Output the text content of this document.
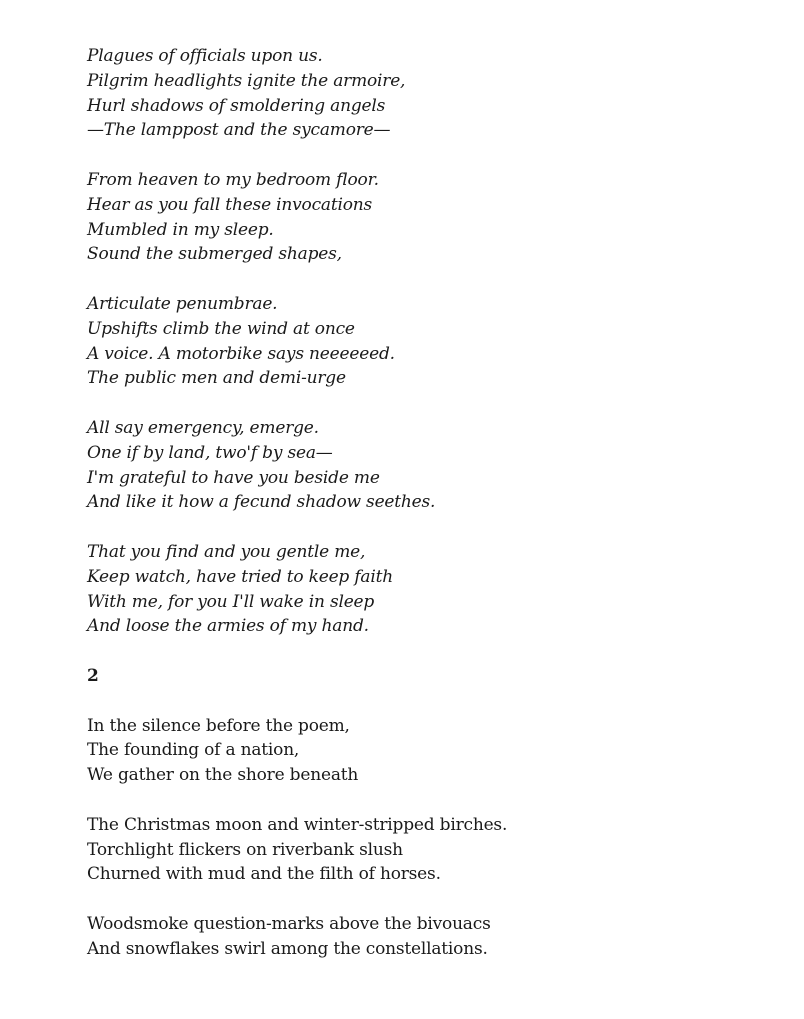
Plagues of officials upon us.
Pilgrim headlights ignite the armoire,
Hurl shadows of smoldering angels
—The lamppost and the sycamore—
From heaven to my bedroom floor.
Hear as you fall these invocations
Mumbled in my sleep.
Sound the submerged shapes,
Articulate penumbrae.
Upshifts climb the wind at once
A voice. A motorbike says neeeeeed.
The public men and demi-urge
All say emergency, emerge.
One if by land, two'f by sea—
I'm grateful to have you beside me
And like it how a fecund shadow seethes.
That you find and you gentle me,
Keep watch, have tried to keep faith
With me, for you I'll wake in sleep
And loose the armies of my hand.
2
In the silence before the poem,
The founding of a nation,
We gather on the shore beneath
The Christmas moon and winter-stripped birches.
Torchlight flickers on riverbank slush
Churned with mud and the filth of horses.
Woodsmoke question-marks above the bivouacs
And snowflakes swirl among the constellations.
